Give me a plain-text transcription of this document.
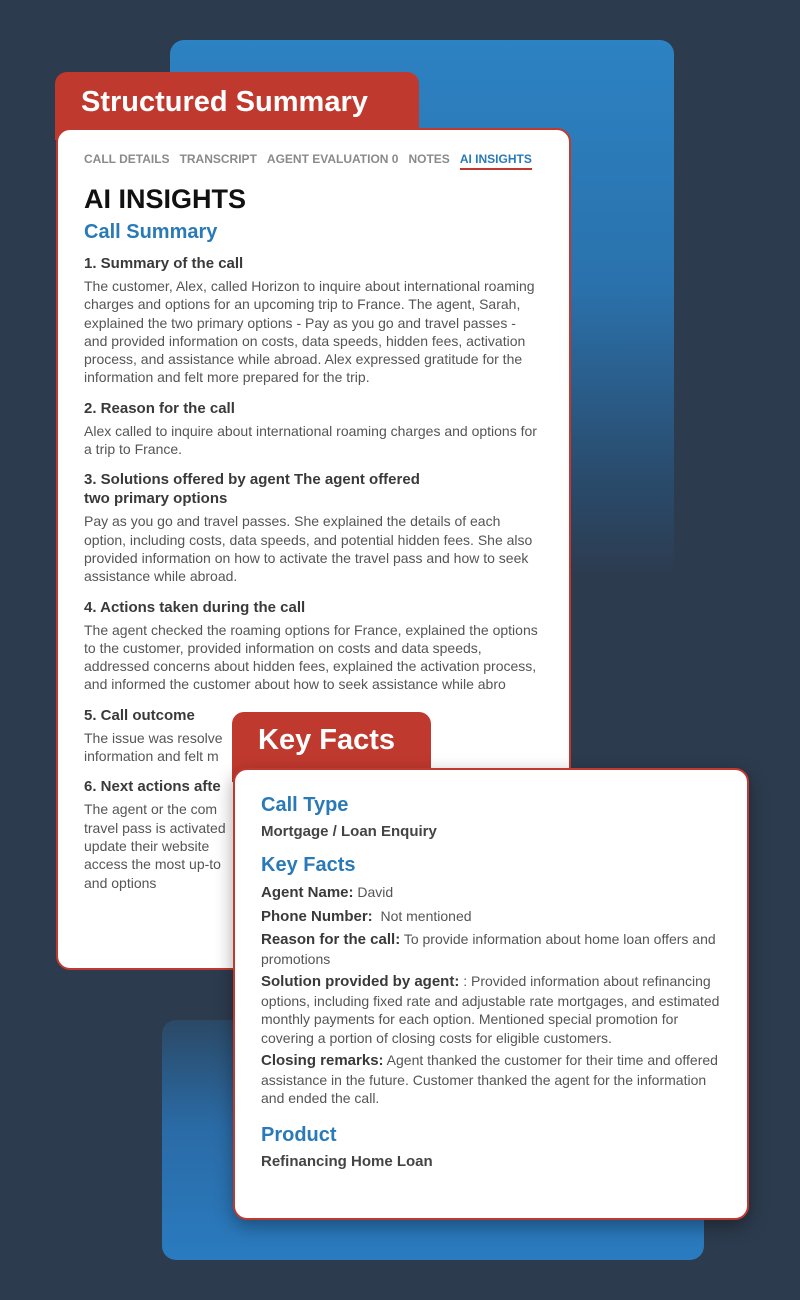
Structured Summary
CALL DETAILS TRANSCRIPT AGENT EVALUATION 0 NOTES AI INSIGHTS
AI INSIGHTS
Call Summary
1. Summary of the call
The customer, Alex, called Horizon to inquire about international roaming charges and options for an upcoming trip to France. The agent, Sarah, explained the two primary options - Pay as you go and travel passes - and provided information on costs, data speeds, hidden fees, activation process, and assistance while abroad. Alex expressed gratitude for the information and felt more prepared for the trip.
2. Reason for the call
Alex called to inquire about international roaming charges and options for a trip to France.
3. Solutions offered by agent The agent offered two primary options
Pay as you go and travel passes. She explained the details of each option, including costs, data speeds, and potential hidden fees. She also provided information on how to activate the travel pass and how to seek assistance while abroad.
4. Actions taken during the call
The agent checked the roaming options for France, explained the options to the customer, provided information on costs and data speeds, addressed concerns about hidden fees, explained the activation process, and informed the customer about how to seek assistance while abro
5. Call outcome
The issue was resolve information and felt m
6. Next actions afte
The agent or the com travel pass is activated update their website access the most up-to and options
Key Facts
Call Type
Mortgage / Loan Enquiry
Key Facts
Agent Name: David
Phone Number:  Not mentioned
Reason for the call: To provide information about home loan offers and promotions
Solution provided by agent: : Provided information about refinancing options, including fixed rate and adjustable rate mortgages, and estimated monthly payments for each option. Mentioned special promotion for covering a portion of closing costs for eligible customers.
Closing remarks: Agent thanked the customer for their time and offered assistance in the future. Customer thanked the agent for the information and ended the call.
Product
Refinancing Home Loan
